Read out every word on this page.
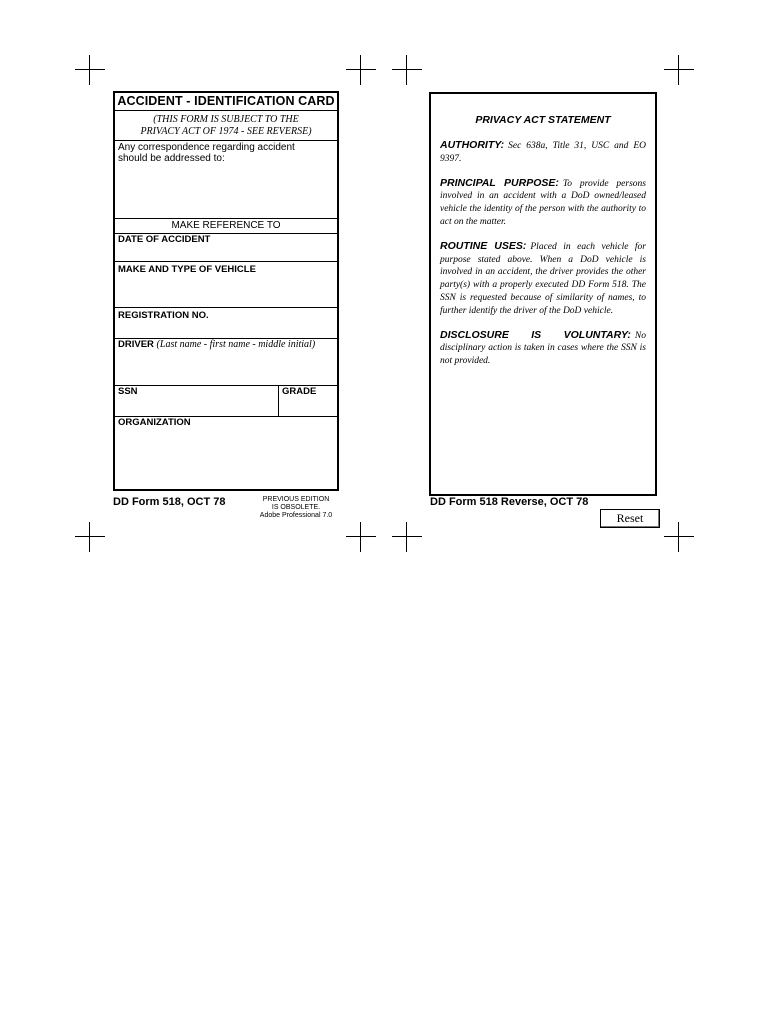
ACCIDENT - IDENTIFICATION CARD
(THIS FORM IS SUBJECT TO THE
PRIVACY ACT OF 1974 - SEE REVERSE)
Any correspondence regarding accident
should be addressed to:
MAKE REFERENCE TO
DATE OF ACCIDENT
MAKE AND TYPE OF VEHICLE
REGISTRATION NO.
DRIVER (Last name - first name - middle initial)
SSN	GRADE
ORGANIZATION
DD Form 518, OCT 78	PREVIOUS EDITION
IS OBSOLETE.
Adobe Professional 7.0
DD Form 518 Reverse, OCT 78
PRIVACY ACT STATEMENT
AUTHORITY: Sec 638a, Title 31, USC and EO 9397.
PRINCIPAL PURPOSE: To provide persons involved in an accident with a DoD owned/leased vehicle the identity of the person with the authority to act on the matter.
ROUTINE USES: Placed in each vehicle for purpose stated above. When a DoD vehicle is involved in an accident, the driver provides the other party(s) with a properly executed DD Form 518. The SSN is requested because of similarity of names, to further identify the driver of the DoD vehicle.
DISCLOSURE IS VOLUNTARY: No disciplinary action is taken in cases where the SSN is not provided.
Reset
